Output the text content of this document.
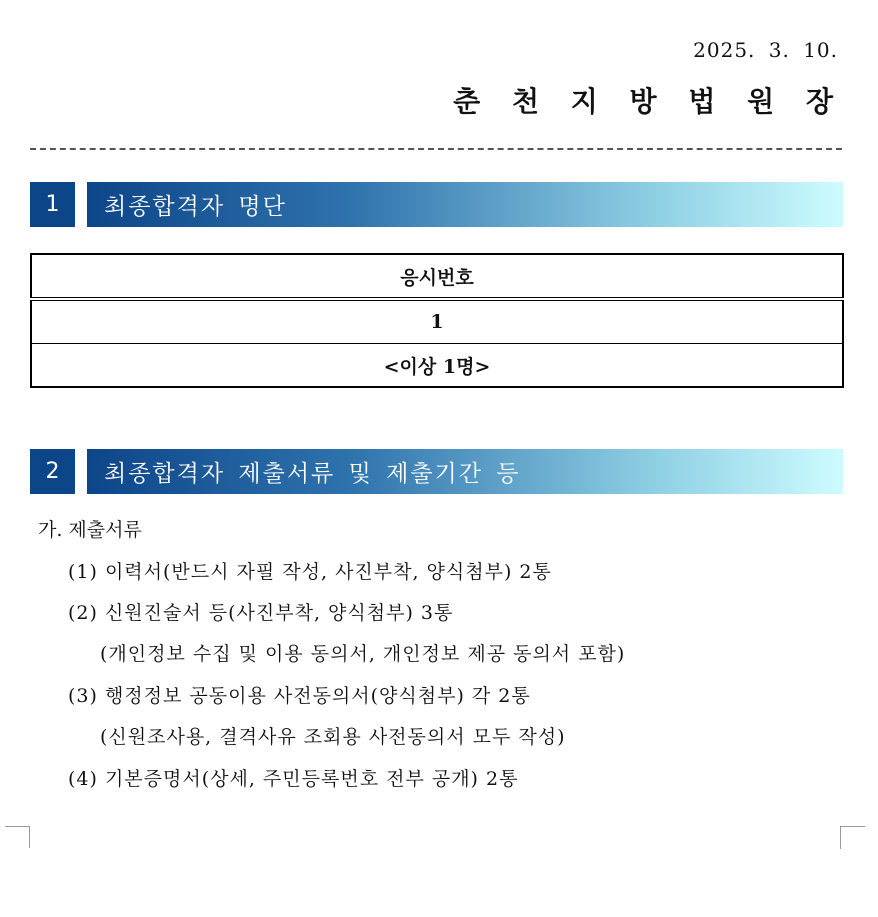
2025. 3. 10.
춘 천 지 방 법 원 장
1	최종합격자 명단
응시번호
1
<이상 1명>
2	최종합격자 제출서류 및 제출기간 등
가. 제출서류
(1) 이력서(반드시 자필 작성, 사진부착, 양식첨부) 2통
(2) 신원진술서 등(사진부착, 양식첨부) 3통
(개인정보 수집 및 이용 동의서, 개인정보 제공 동의서 포함)
(3) 행정정보 공동이용 사전동의서(양식첨부) 각 2통
(신원조사용, 결격사유 조회용 사전동의서 모두 작성)
(4) 기본증명서(상세, 주민등록번호 전부 공개) 2통
